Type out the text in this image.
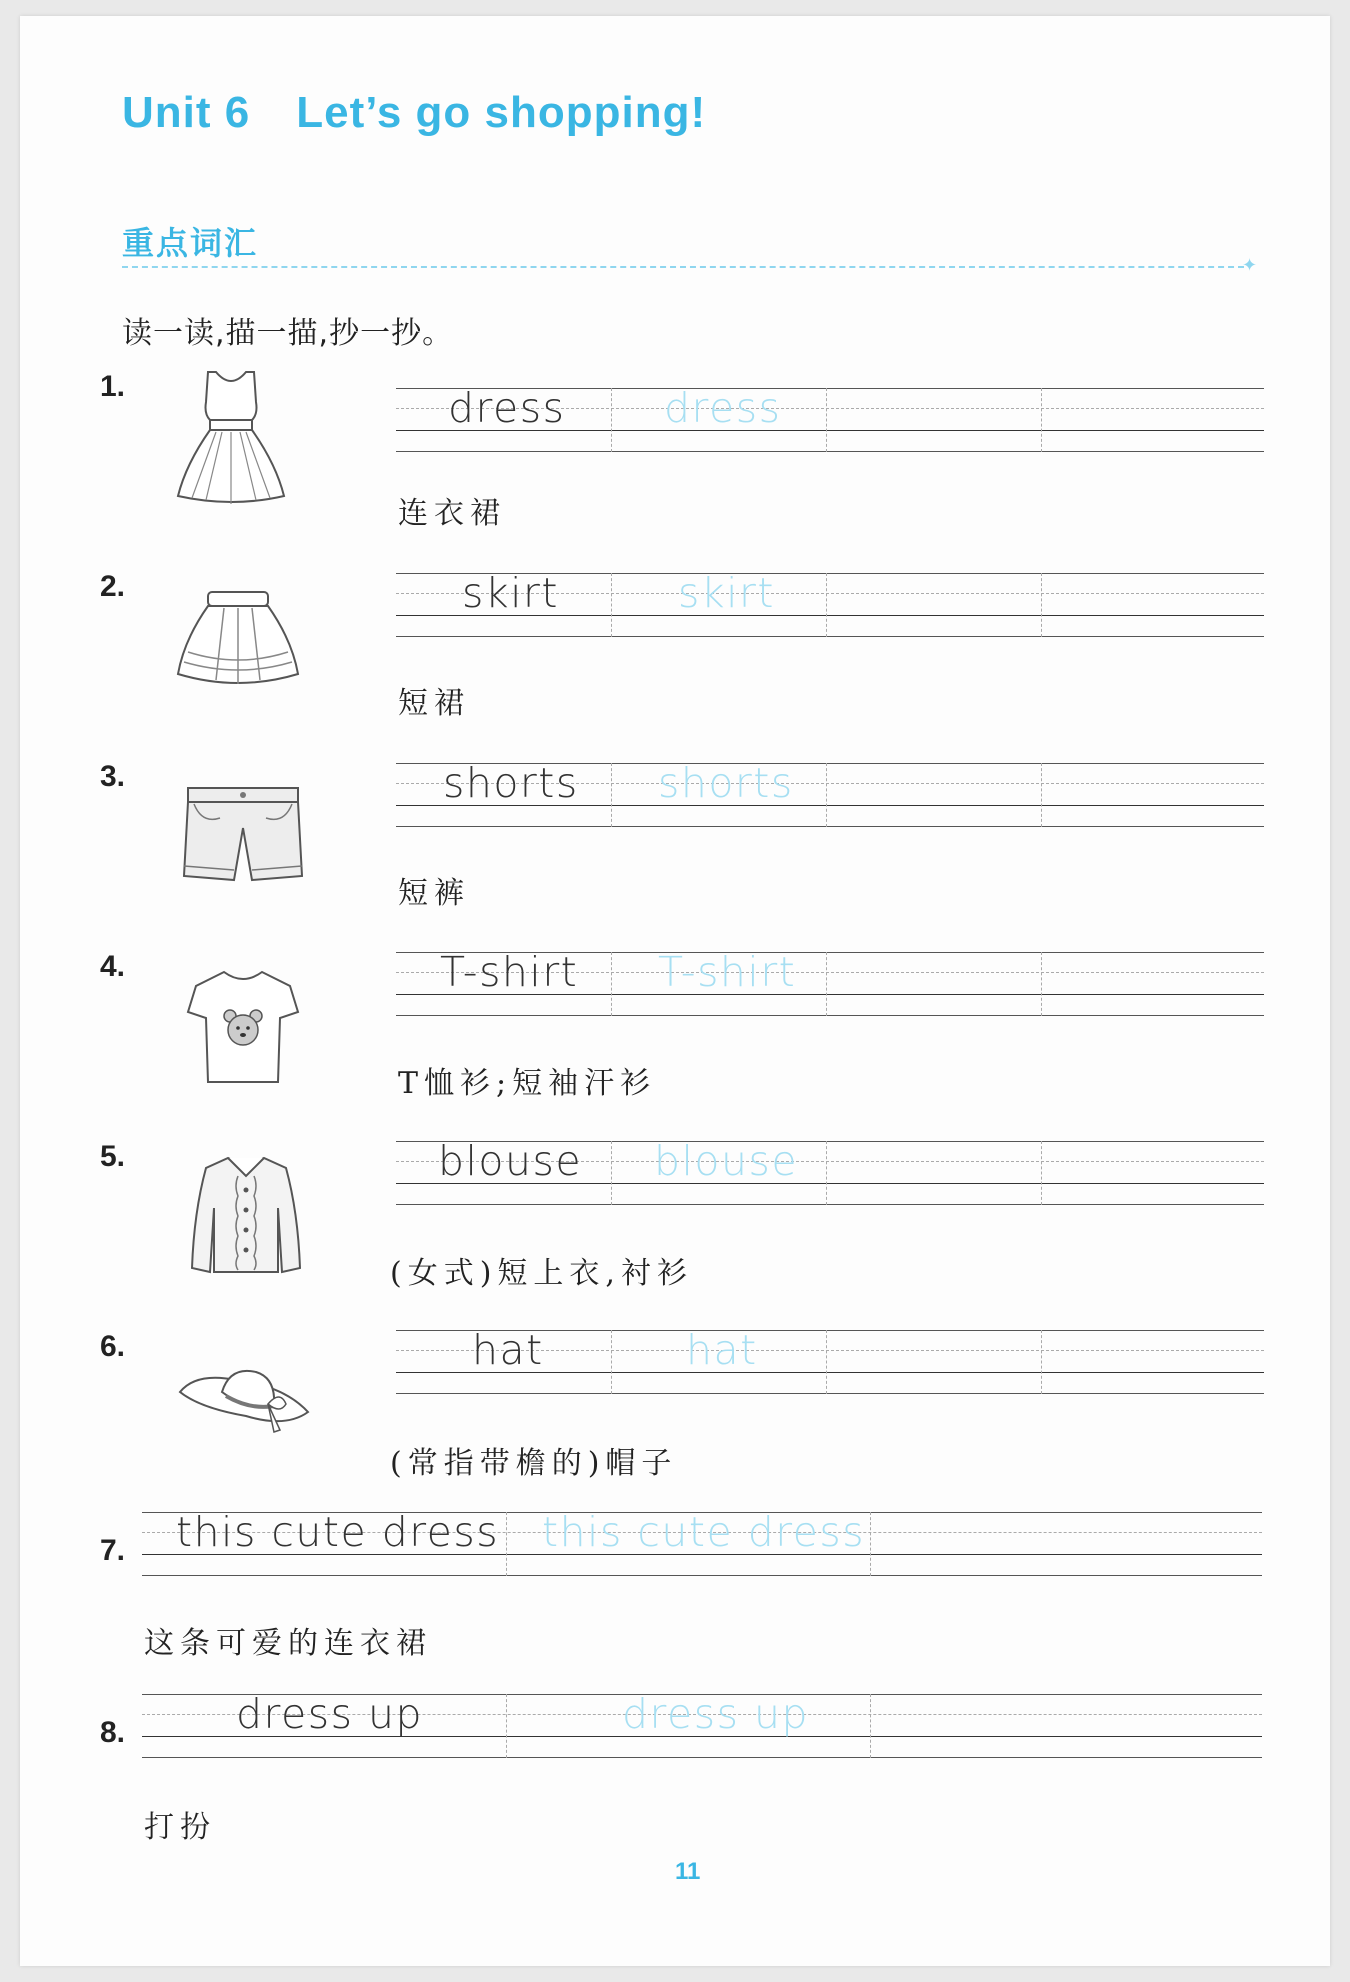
Unit 6 Let’s go shopping!
重点词汇
✦
读一读,描一描,抄一抄。
1.	dress dress
连衣裙
2.	skirt	skirt
短裙
3.	shorts shorts
短裤
4.	T-shirt T-shirt
T恤衫;短袖汗衫
5.	blouse blouse
(女式)短上衣,衬衫
6.	hat	hat
(常指带檐的)帽子
7. this cute dress this cute dress
这条可爱的连衣裙
8.	dress up	dress up
打扮
11
